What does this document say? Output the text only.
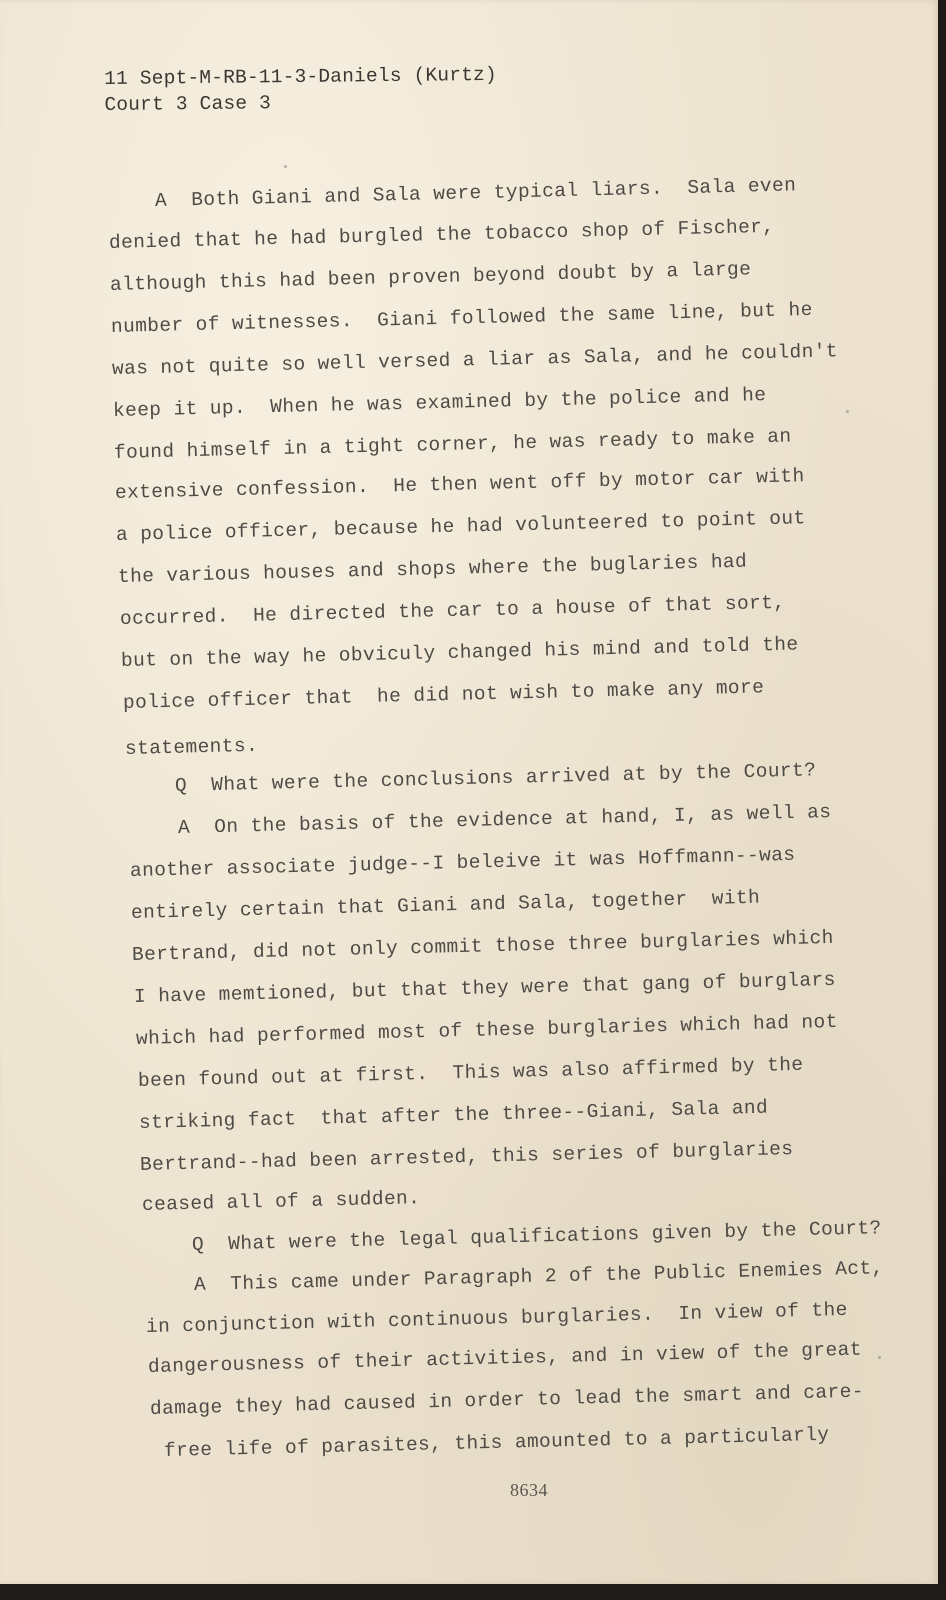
11 Sept-M-RB-11-3-Daniels (Kurtz)
Court 3 Case 3
A  Both Giani and Sala were typical liars.  Sala even
denied that he had burgled the tobacco shop of Fischer,
although this had been proven beyond doubt by a large
number of witnesses.  Giani followed the same line, but he
was not quite so well versed a liar as Sala, and he couldn't
keep it up.  When he was examined by the police and he
found himself in a tight corner, he was ready to make an
extensive confession.  He then went off by motor car with
a police officer, because he had volunteered to point out
the various houses and shops where the buglaries had
occurred.  He directed the car to a house of that sort,
but on the way he obviculy changed his mind and told the
police officer that  he did not wish to make any more
statements.
Q  What were the conclusions arrived at by the Court?
A  On the basis of the evidence at hand, I, as well as
another associate judge--I beleive it was Hoffmann--was
entirely certain that Giani and Sala, together  with
Bertrand, did not only commit those three burglaries which
I have memtioned, but that they were that gang of burglars
which had performed most of these burglaries which had not
been found out at first.  This was also affirmed by the
striking fact  that after the three--Giani, Sala and
Bertrand--had been arrested, this series of burglaries
ceased all of a sudden.
Q  What were the legal qualifications given by the Court?
A  This came under Paragraph 2 of the Public Enemies Act,
in conjunction with continuous burglaries.  In view of the
dangerousness of their activities, and in view of the great
damage they had caused in order to lead the smart and care-
free life of parasites, this amounted to a particularly
8634
